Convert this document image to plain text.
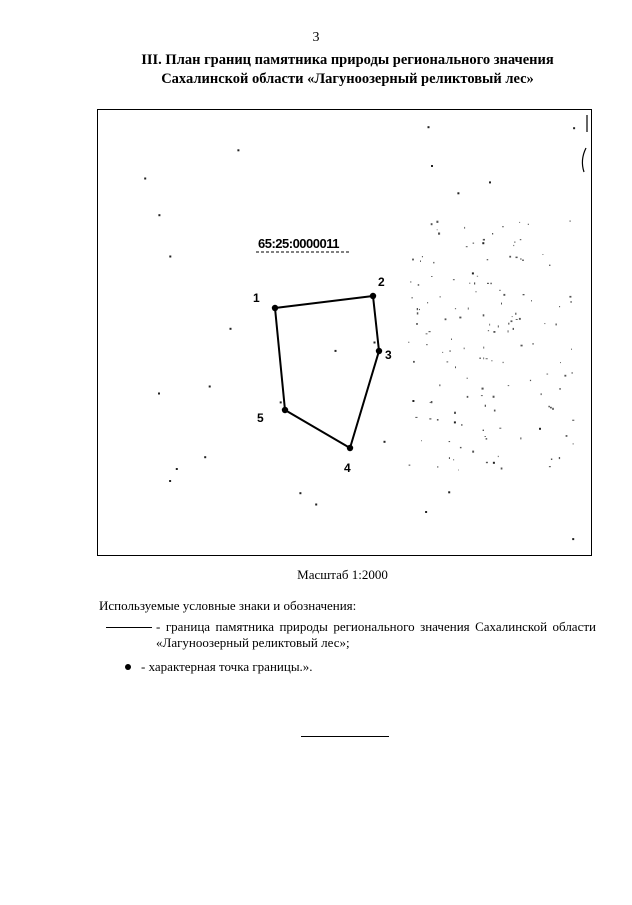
3
III. План границ памятника природы регионального значения
Сахалинской области «Лагуноозерный реликтовый лес»
65:25:0000011
1
2
3
4
5
Масштаб 1:2000
Используемые условные знаки и обозначения:
- граница памятника природы регионального значения Сахалинской области «Лагуноозерный реликтовый лес»;
- характерная точка границы.».
